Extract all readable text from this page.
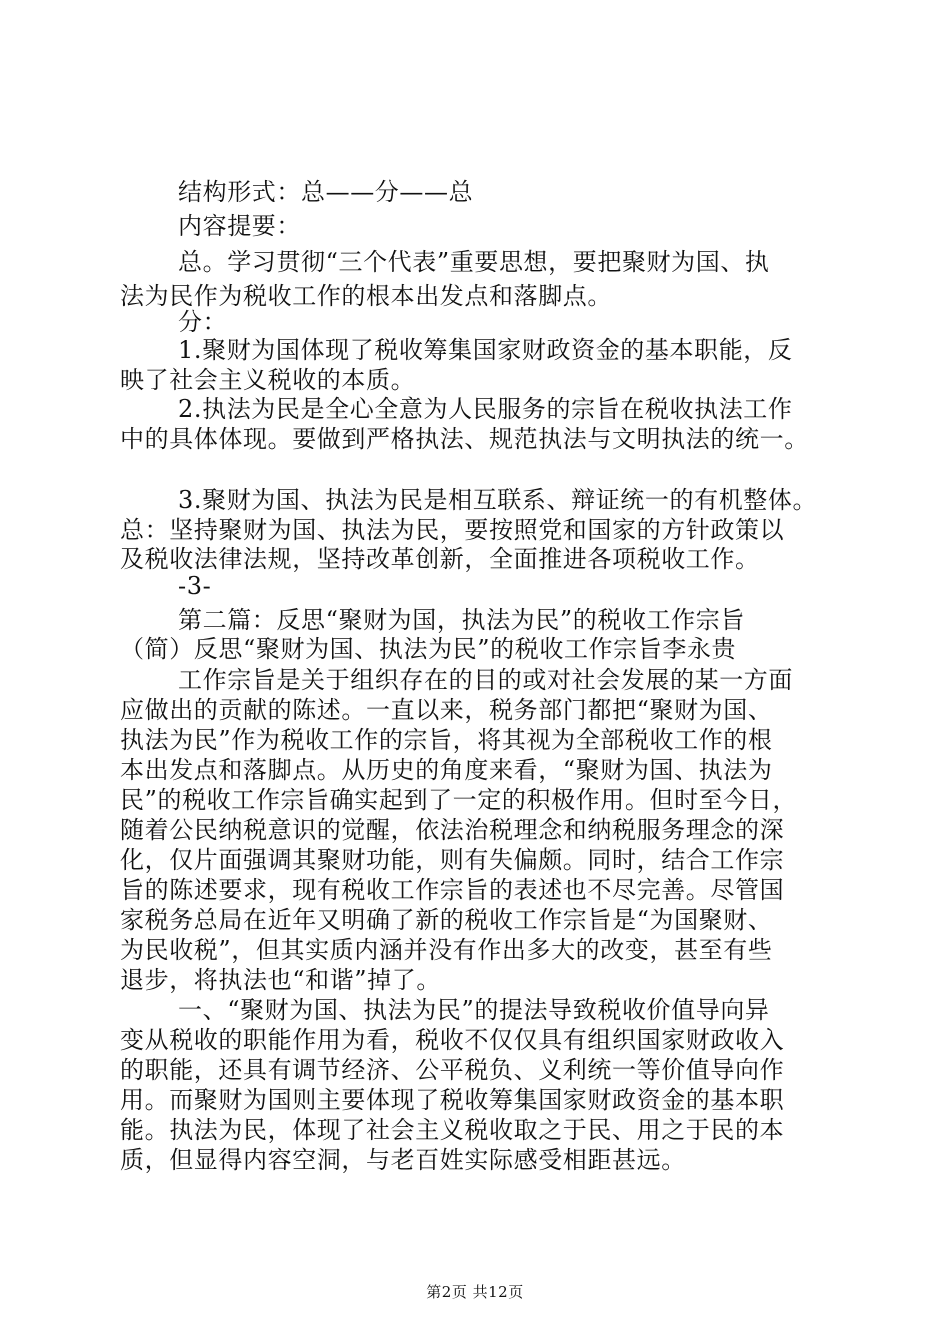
结构形式：总——分——总
内容提要：
总。学习贯彻“三个代表”重要思想，要把聚财为国、执
法为民作为税收工作的根本出发点和落脚点。
分：
1.聚财为国体现了税收筹集国家财政资金的基本职能，反
映了社会主义税收的本质。
2.执法为民是全心全意为人民服务的宗旨在税收执法工作
中的具体体现。要做到严格执法、规范执法与文明执法的统一。
3.聚财为国、执法为民是相互联系、辩证统一的有机整体。
总：坚持聚财为国、执法为民，要按照党和国家的方针政策以
及税收法律法规，坚持改革创新，全面推进各项税收工作。
-3-
第二篇：反思“聚财为国，执法为民”的税收工作宗旨
（简）反思“聚财为国、执法为民”的税收工作宗旨李永贵
工作宗旨是关于组织存在的目的或对社会发展的某一方面
应做出的贡献的陈述。一直以来，税务部门都把“聚财为国、
执法为民”作为税收工作的宗旨，将其视为全部税收工作的根
本出发点和落脚点。从历史的角度来看，“聚财为国、执法为
民”的税收工作宗旨确实起到了一定的积极作用。但时至今日，
随着公民纳税意识的觉醒，依法治税理念和纳税服务理念的深
化，仅片面强调其聚财功能，则有失偏颇。同时，结合工作宗
旨的陈述要求，现有税收工作宗旨的表述也不尽完善。尽管国
家税务总局在近年又明确了新的税收工作宗旨是“为国聚财、
为民收税”，但其实质内涵并没有作出多大的改变，甚至有些
退步，将执法也“和谐”掉了。
一、“聚财为国、执法为民”的提法导致税收价值导向异
变从税收的职能作用为看，税收不仅仅具有组织国家财政收入
的职能，还具有调节经济、公平税负、义利统一等价值导向作
用。而聚财为国则主要体现了税收筹集国家财政资金的基本职
能。执法为民，体现了社会主义税收取之于民、用之于民的本
质，但显得内容空洞，与老百姓实际感受相距甚远。
第2页 共12页
